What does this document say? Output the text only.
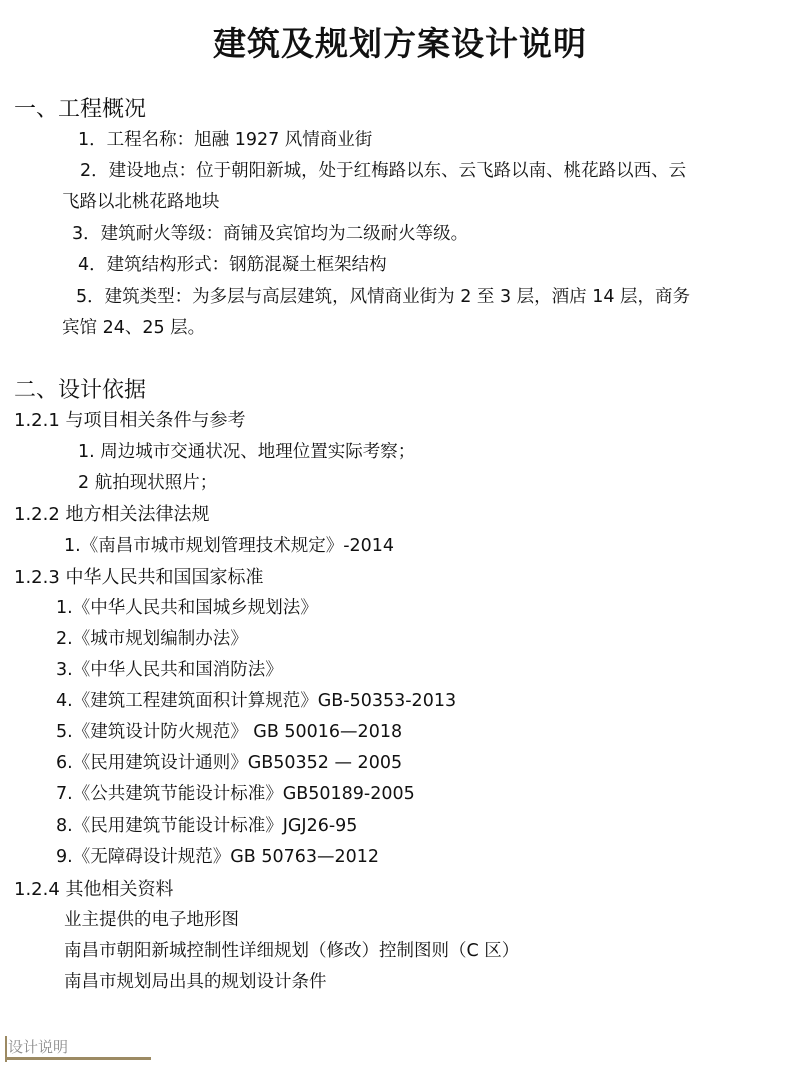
建筑及规划方案设计说明
一、工程概况
1．工程名称：旭融 1927 风情商业街
2．建设地点：位于朝阳新城，处于红梅路以东、云飞路以南、桃花路以西、云
飞路以北桃花路地块
3．建筑耐火等级：商铺及宾馆均为二级耐火等级。
4．建筑结构形式：钢筋混凝土框架结构
5．建筑类型：为多层与高层建筑，风情商业街为 2 至 3 层，酒店 14 层，商务
宾馆 24、25 层。
二、设计依据
1.2.1 与项目相关条件与参考
1. 周边城市交通状况、地理位置实际考察；
2 航拍现状照片；
1.2.2 地方相关法律法规
1.《南昌市城市规划管理技术规定》-2014
1.2.3 中华人民共和国国家标准
1.《中华人民共和国城乡规划法》
2.《城市规划编制办法》
3.《中华人民共和国消防法》
4.《建筑工程建筑面积计算规范》GB-50353-2013
5.《建筑设计防火规范》 GB 50016—2018
6.《民用建筑设计通则》GB50352 — 2005
7.《公共建筑节能设计标准》GB50189-2005
8.《民用建筑节能设计标准》JGJ26-95
9.《无障碍设计规范》GB 50763—2012
1.2.4 其他相关资料
业主提供的电子地形图
南昌市朝阳新城控制性详细规划（修改）控制图则（C 区）
南昌市规划局出具的规划设计条件
设计说明
